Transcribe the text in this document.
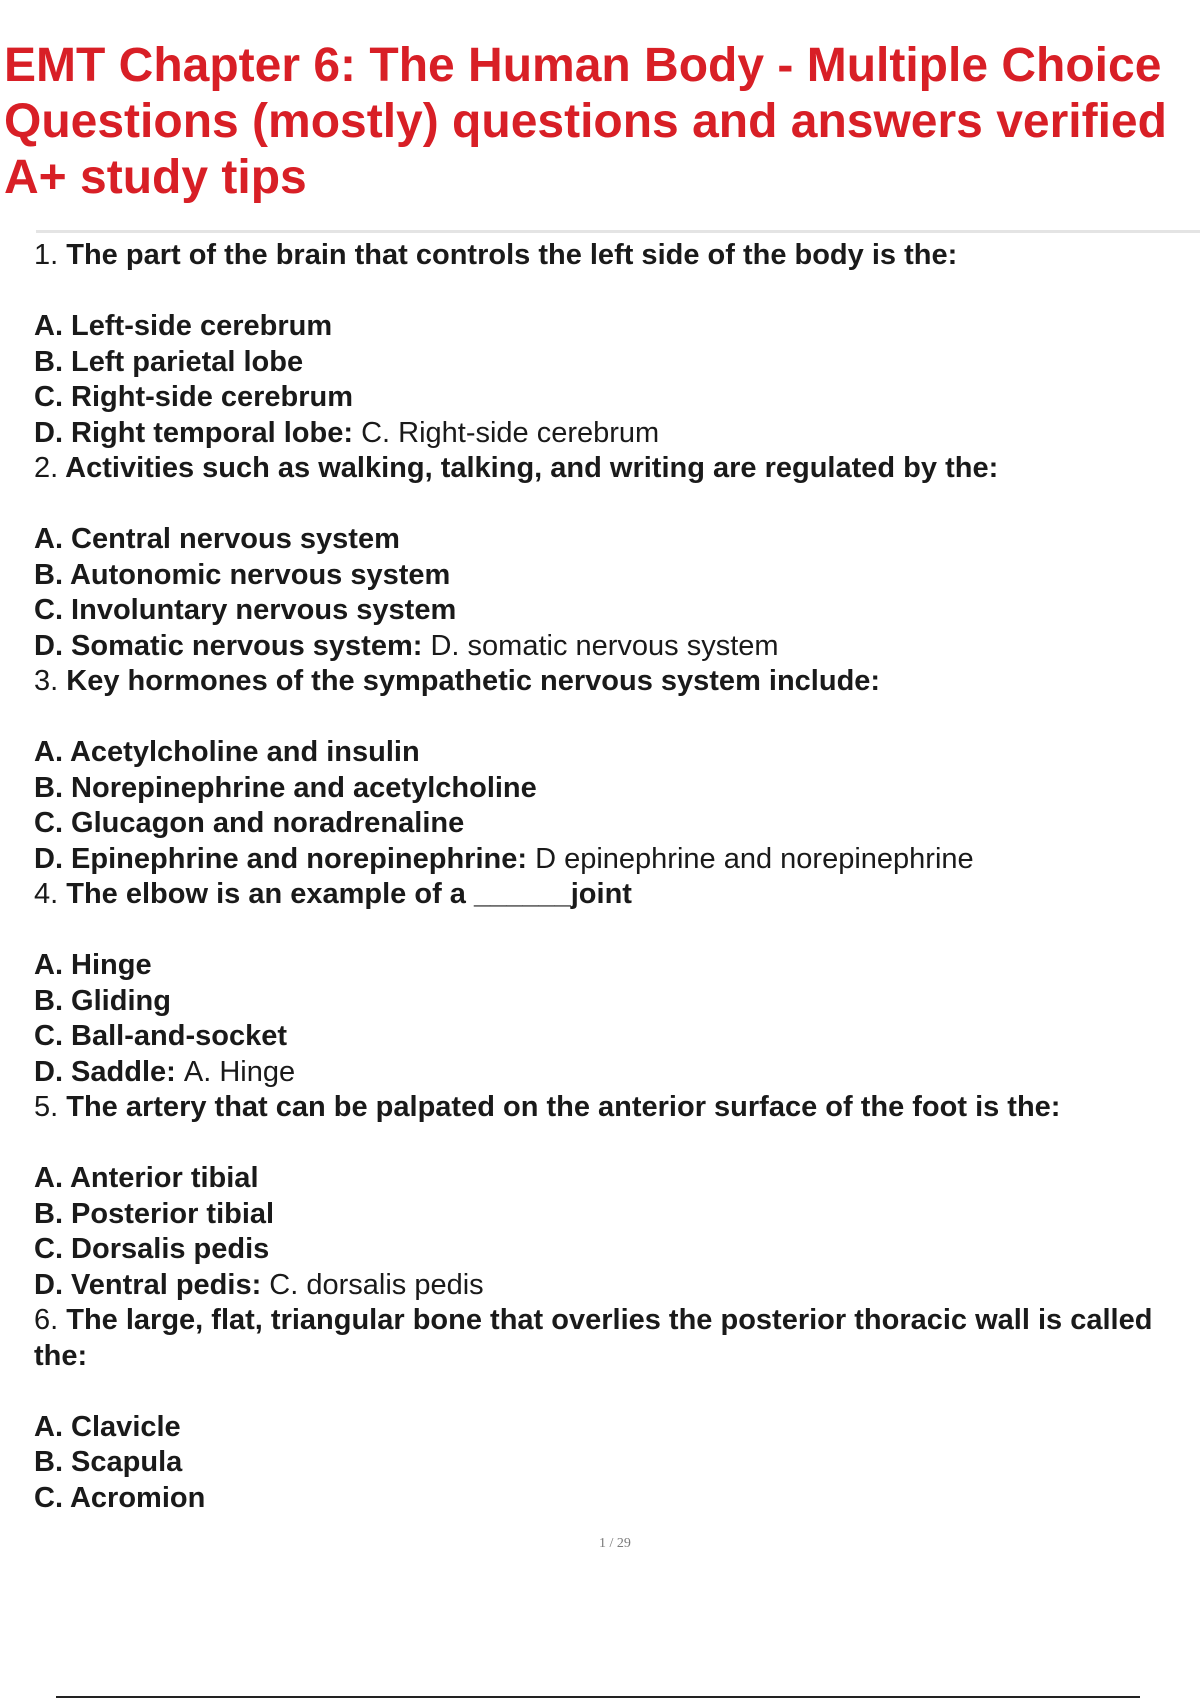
EMT Chapter 6: The Human Body - Multiple Choice Questions (mostly) questions and answers verified A+ study tips
1. The part of the brain that controls the left side of the body is the:
A. Left-side cerebrum
B. Left parietal lobe
C. Right-side cerebrum
D. Right temporal lobe: C. Right-side cerebrum
2. Activities such as walking, talking, and writing are regulated by the:
A. Central nervous system
B. Autonomic nervous system
C. Involuntary nervous system
D. Somatic nervous system: D. somatic nervous system
3. Key hormones of the sympathetic nervous system include:
A. Acetylcholine and insulin
B. Norepinephrine and acetylcholine
C. Glucagon and noradrenaline
D. Epinephrine and norepinephrine: D epinephrine and norepinephrine
4. The elbow is an example of a ______joint
A. Hinge
B. Gliding
C. Ball-and-socket
D. Saddle: A. Hinge
5. The artery that can be palpated on the anterior surface of the foot is the:
A. Anterior tibial
B. Posterior tibial
C. Dorsalis pedis
D. Ventral pedis: C. dorsalis pedis
6. The large, flat, triangular bone that overlies the posterior thoracic wall is called the:
A. Clavicle
B. Scapula
C. Acromion
1 / 29
